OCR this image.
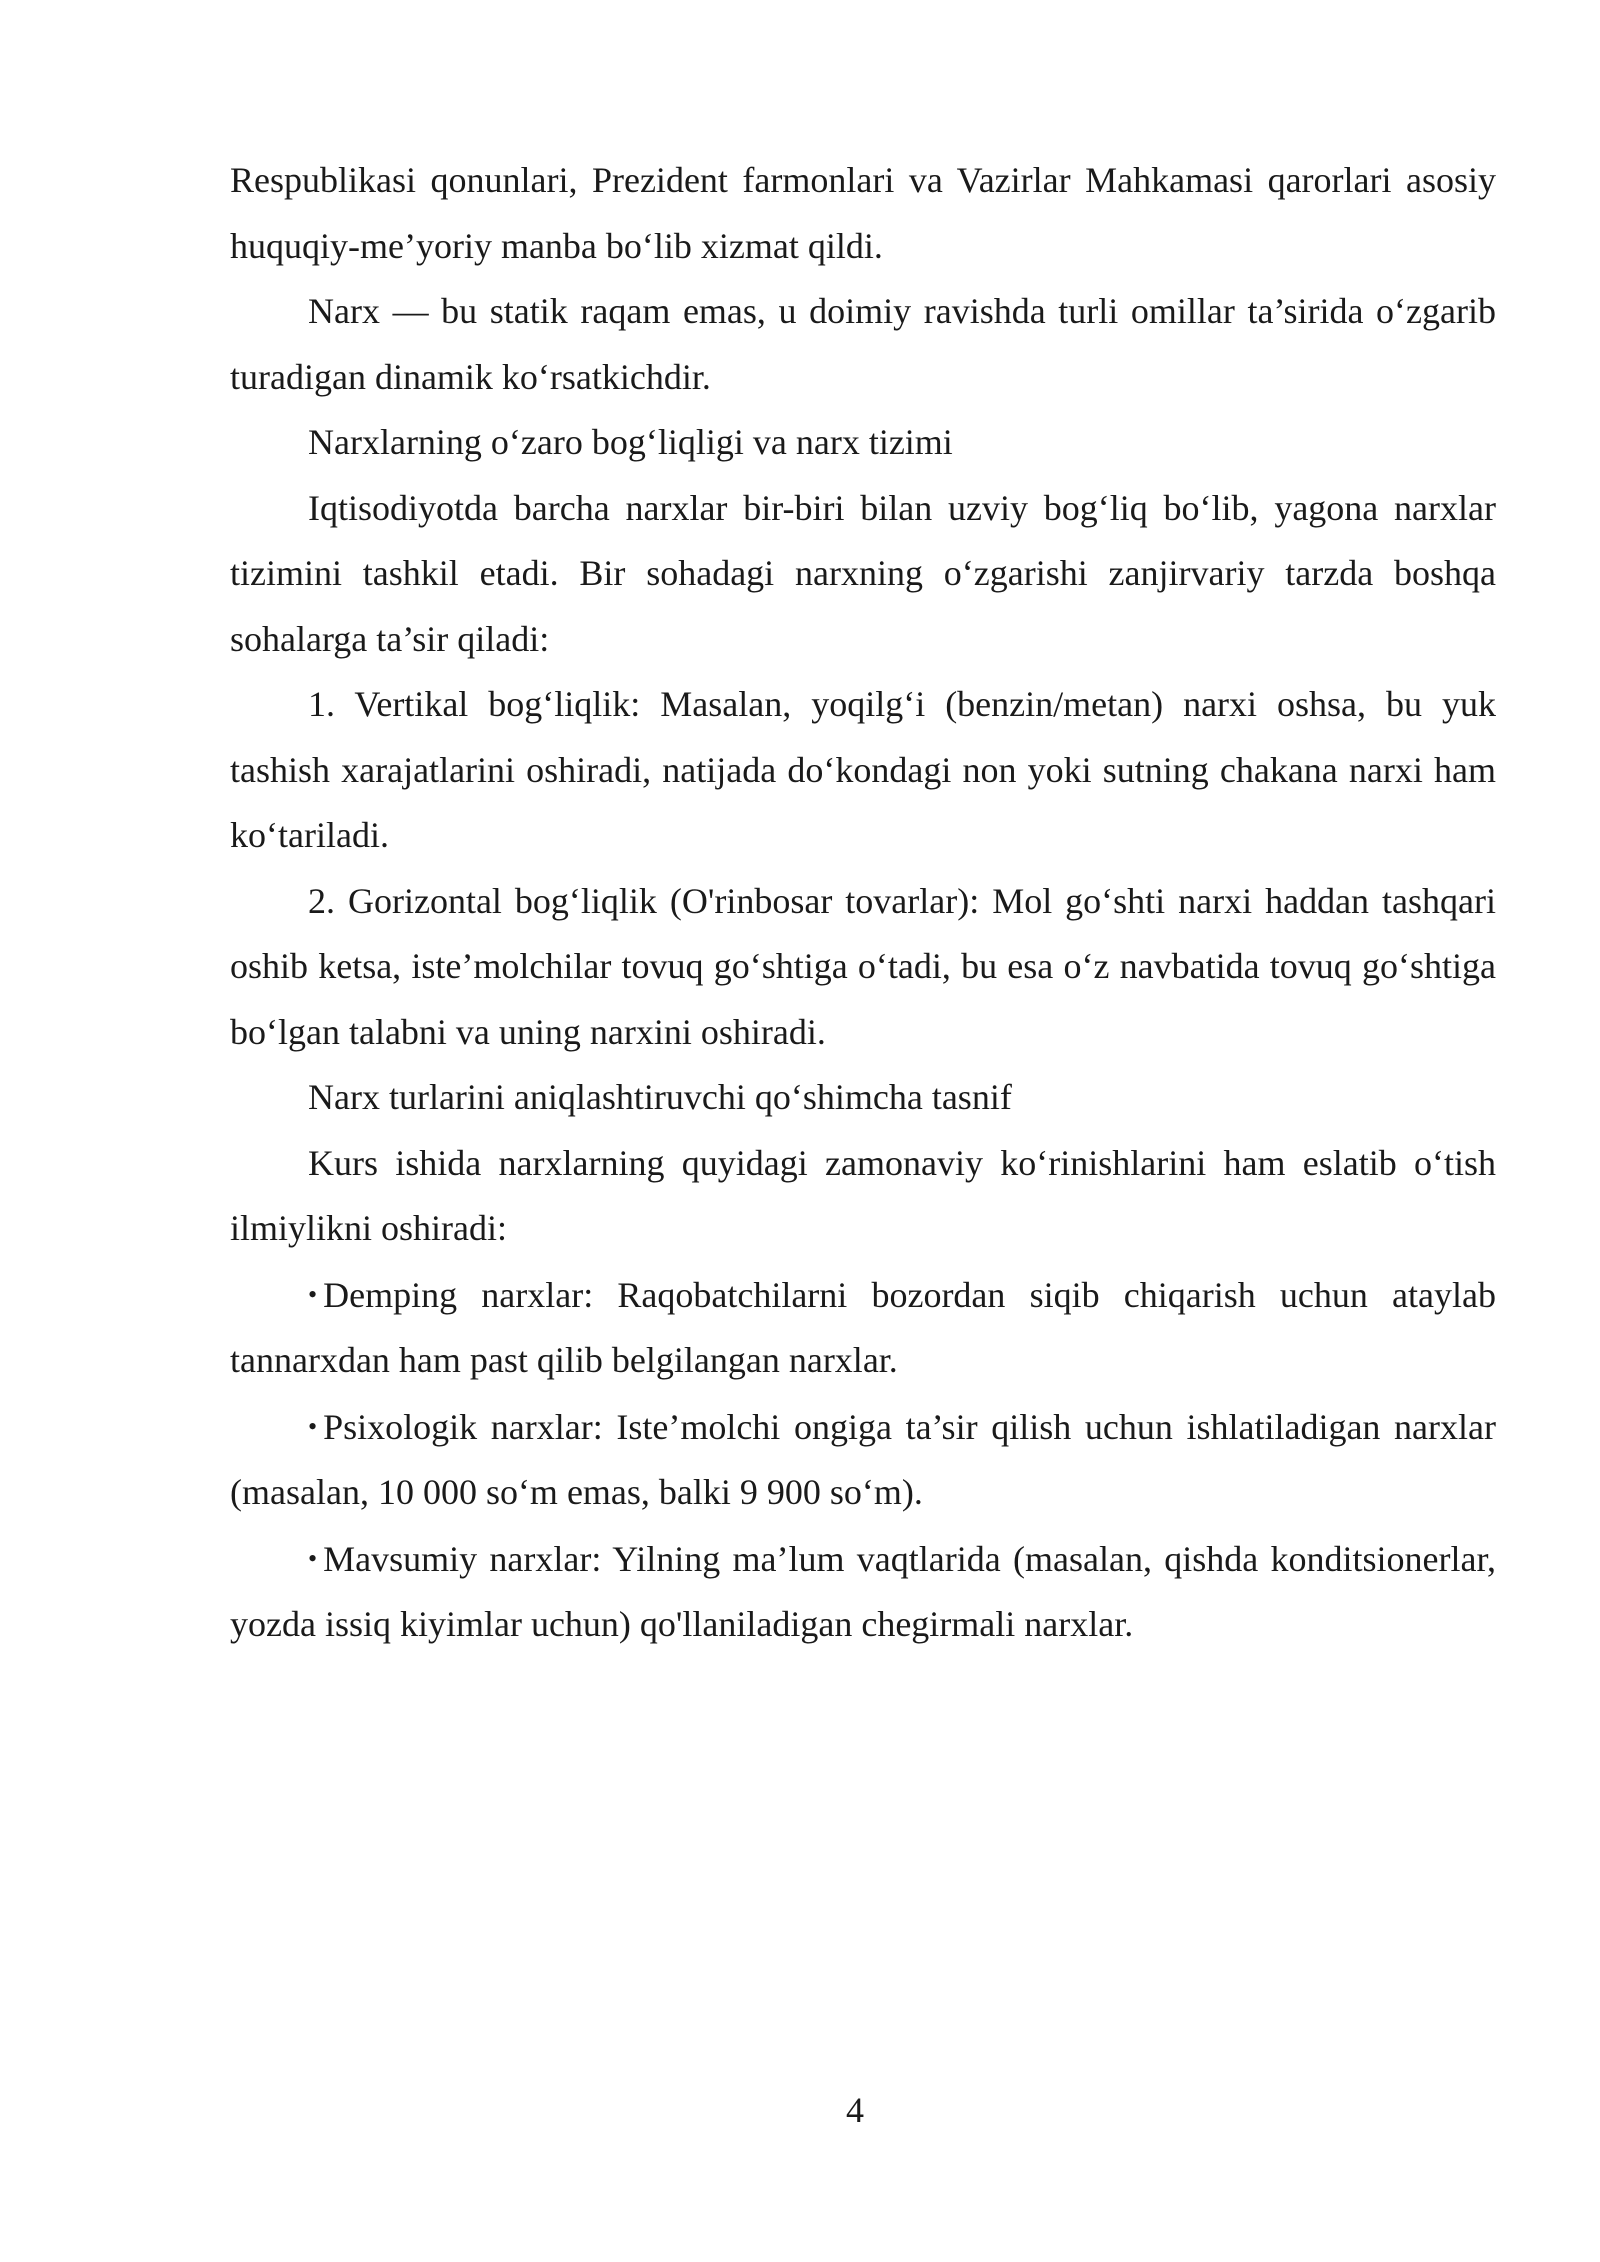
Respublikasi qonunlari, Prezident farmonlari va Vazirlar Mahkamasi qarorlari asosiy huquqiy-me’yoriy manba bo‘lib xizmat qildi.

Narx — bu statik raqam emas, u doimiy ravishda turli omillar ta’sirida o‘zgarib turadigan dinamik ko‘rsatkichdir.

Narxlarning o‘zaro bog‘liqligi va narx tizimi

Iqtisodiyotda barcha narxlar bir-biri bilan uzviy bog‘liq bo‘lib, yagona narxlar tizimini tashkil etadi. Bir sohadagi narxning o‘zgarishi zanjirvariy tarzda boshqa sohalarga ta’sir qiladi:

1. Vertikal bog‘liqlik: Masalan, yoqilg‘i (benzin/metan) narxi oshsa, bu yuk tashish xarajatlarini oshiradi, natijada do‘kondagi non yoki sutning chakana narxi ham ko‘tariladi.

2. Gorizontal bog‘liqlik (O'rinbosar tovarlar): Mol go‘shti narxi haddan tashqari oshib ketsa, iste’molchilar tovuq go‘shtiga o‘tadi, bu esa o‘z navbatida tovuq go‘shtiga bo‘lgan talabni va uning narxini oshiradi.

Narx turlarini aniqlashtiruvchi qo‘shimcha tasnif

Kurs ishida narxlarning quyidagi zamonaviy ko‘rinishlarini ham eslatib o‘tish ilmiylikni oshiradi:

• Demping narxlar: Raqobatchilarni bozordan siqib chiqarish uchun ataylab tannarxdan ham past qilib belgilangan narxlar.

• Psixologik narxlar: Iste’molchi ongiga ta’sir qilish uchun ishlatiladigan narxlar (masalan, 10 000 so‘m emas, balki 9 900 so‘m).

• Mavsumiy narxlar: Yilning ma’lum vaqtlarida (masalan, qishda konditsionerlar, yozda issiq kiyimlar uchun) qo'llaniladigan chegirmali narxlar.

4
